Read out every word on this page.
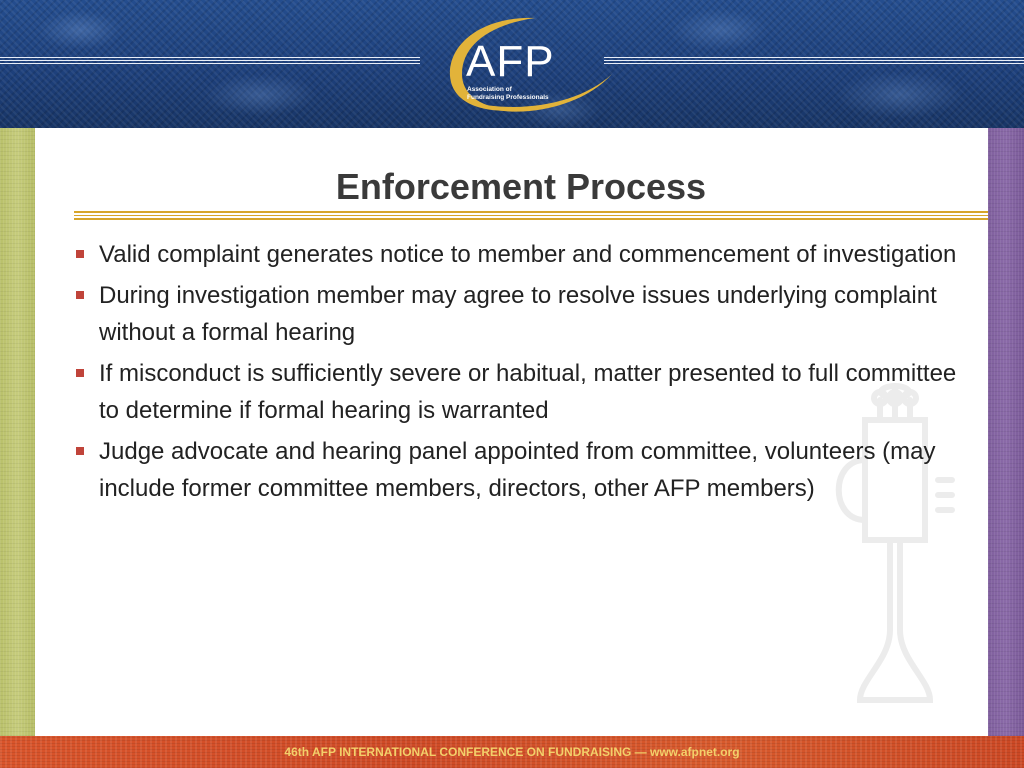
AFP
Association of
Fundraising Professionals
Enforcement Process
Valid complaint generates notice to member and commencement of investigation
During investigation member may agree to resolve issues underlying complaint without a formal hearing
If misconduct is sufficiently severe or habitual, matter presented to full committee to determine if formal hearing is warranted
Judge advocate and hearing panel appointed from committee, volunteers (may include former committee members, directors, other AFP members)
46th AFP INTERNATIONAL CONFERENCE ON FUNDRAISING — www.afpnet.org
